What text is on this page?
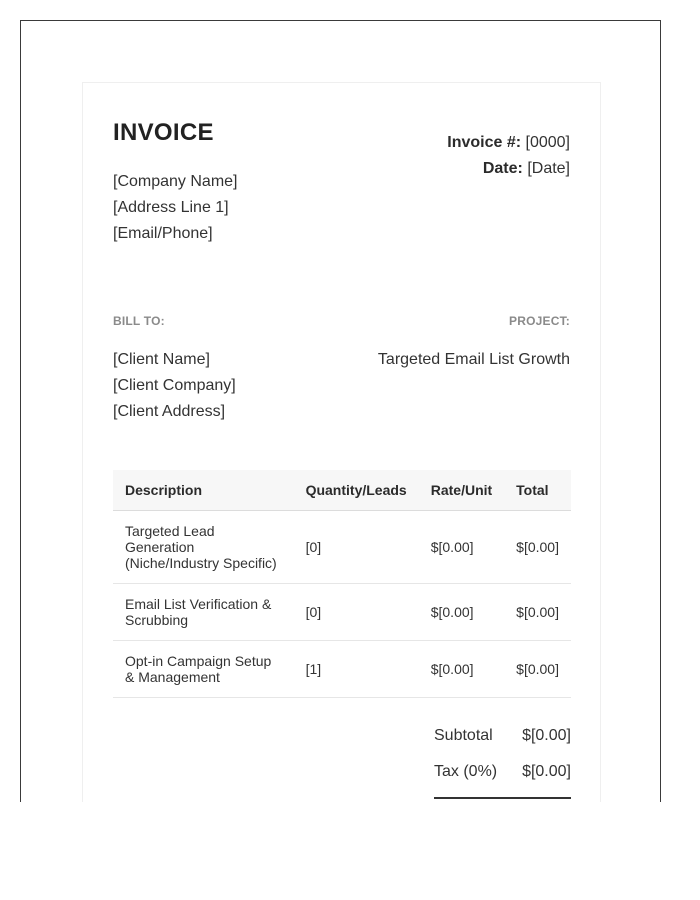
INVOICE
[Company Name]
[Address Line 1]
[Email/Phone]
Invoice #: [0000]
Date: [Date]
BILL TO:	PROJECT:
[Client Name]
[Client Company]
[Client Address]
Targeted Email List Growth
Description	Quantity/Leads	Rate/Unit	Total
Targeted Lead Generation (Niche/Industry Specific)	[0]	$[0.00]	$[0.00]
Email List Verification & Scrubbing	[0]	$[0.00]	$[0.00]
Opt-in Campaign Setup & Management	[1]	$[0.00]	$[0.00]
Subtotal $[0.00]
Tax (0%) $[0.00]
